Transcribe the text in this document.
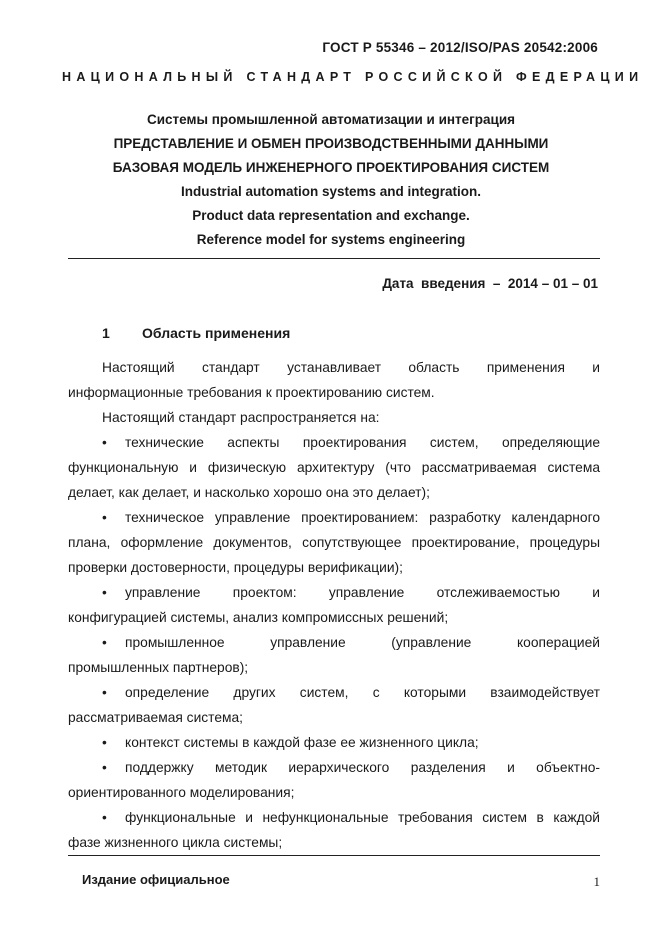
ГОСТ Р 55346 – 2012/ISO/PAS 20542:2006
НАЦИОНАЛЬНЫЙ СТАНДАРТ РОССИЙСКОЙ ФЕДЕРАЦИИ
Системы промышленной автоматизации и интеграция
ПРЕДСТАВЛЕНИЕ И ОБМЕН ПРОИЗВОДСТВЕННЫМИ ДАННЫМИ
БАЗОВАЯ МОДЕЛЬ ИНЖЕНЕРНОГО ПРОЕКТИРОВАНИЯ СИСТЕМ
Industrial automation systems and integration.
Product data representation and exchange.
Reference model for systems engineering
Дата  введения  –  2014 – 01 – 01
1 Область применения
Настоящий стандарт устанавливает область применения и
информационные требования к проектированию систем.
Настоящий стандарт распространяется на:
• технические аспекты проектирования систем, определяющие
функциональную и физическую архитектуру (что рассматриваемая система
делает, как делает, и насколько хорошо она это делает);
• техническое управление проектированием: разработку календарного
плана, оформление документов, сопутствующее проектирование, процедуры
проверки достоверности, процедуры верификации);
• управление проектом: управление отслеживаемостью и
конфигурацией системы, анализ компромиссных решений;
• промышленное управление (управление кооперацией
промышленных партнеров);
• определение других систем, с которыми взаимодействует
рассматриваемая система;
• контекст системы в каждой фазе ее жизненного цикла;
• поддержку методик иерархического разделения и объектно-
ориентированного моделирования;
• функциональные и нефункциональные требования систем в каждой
фазе жизненного цикла системы;
Издание официальное	1
